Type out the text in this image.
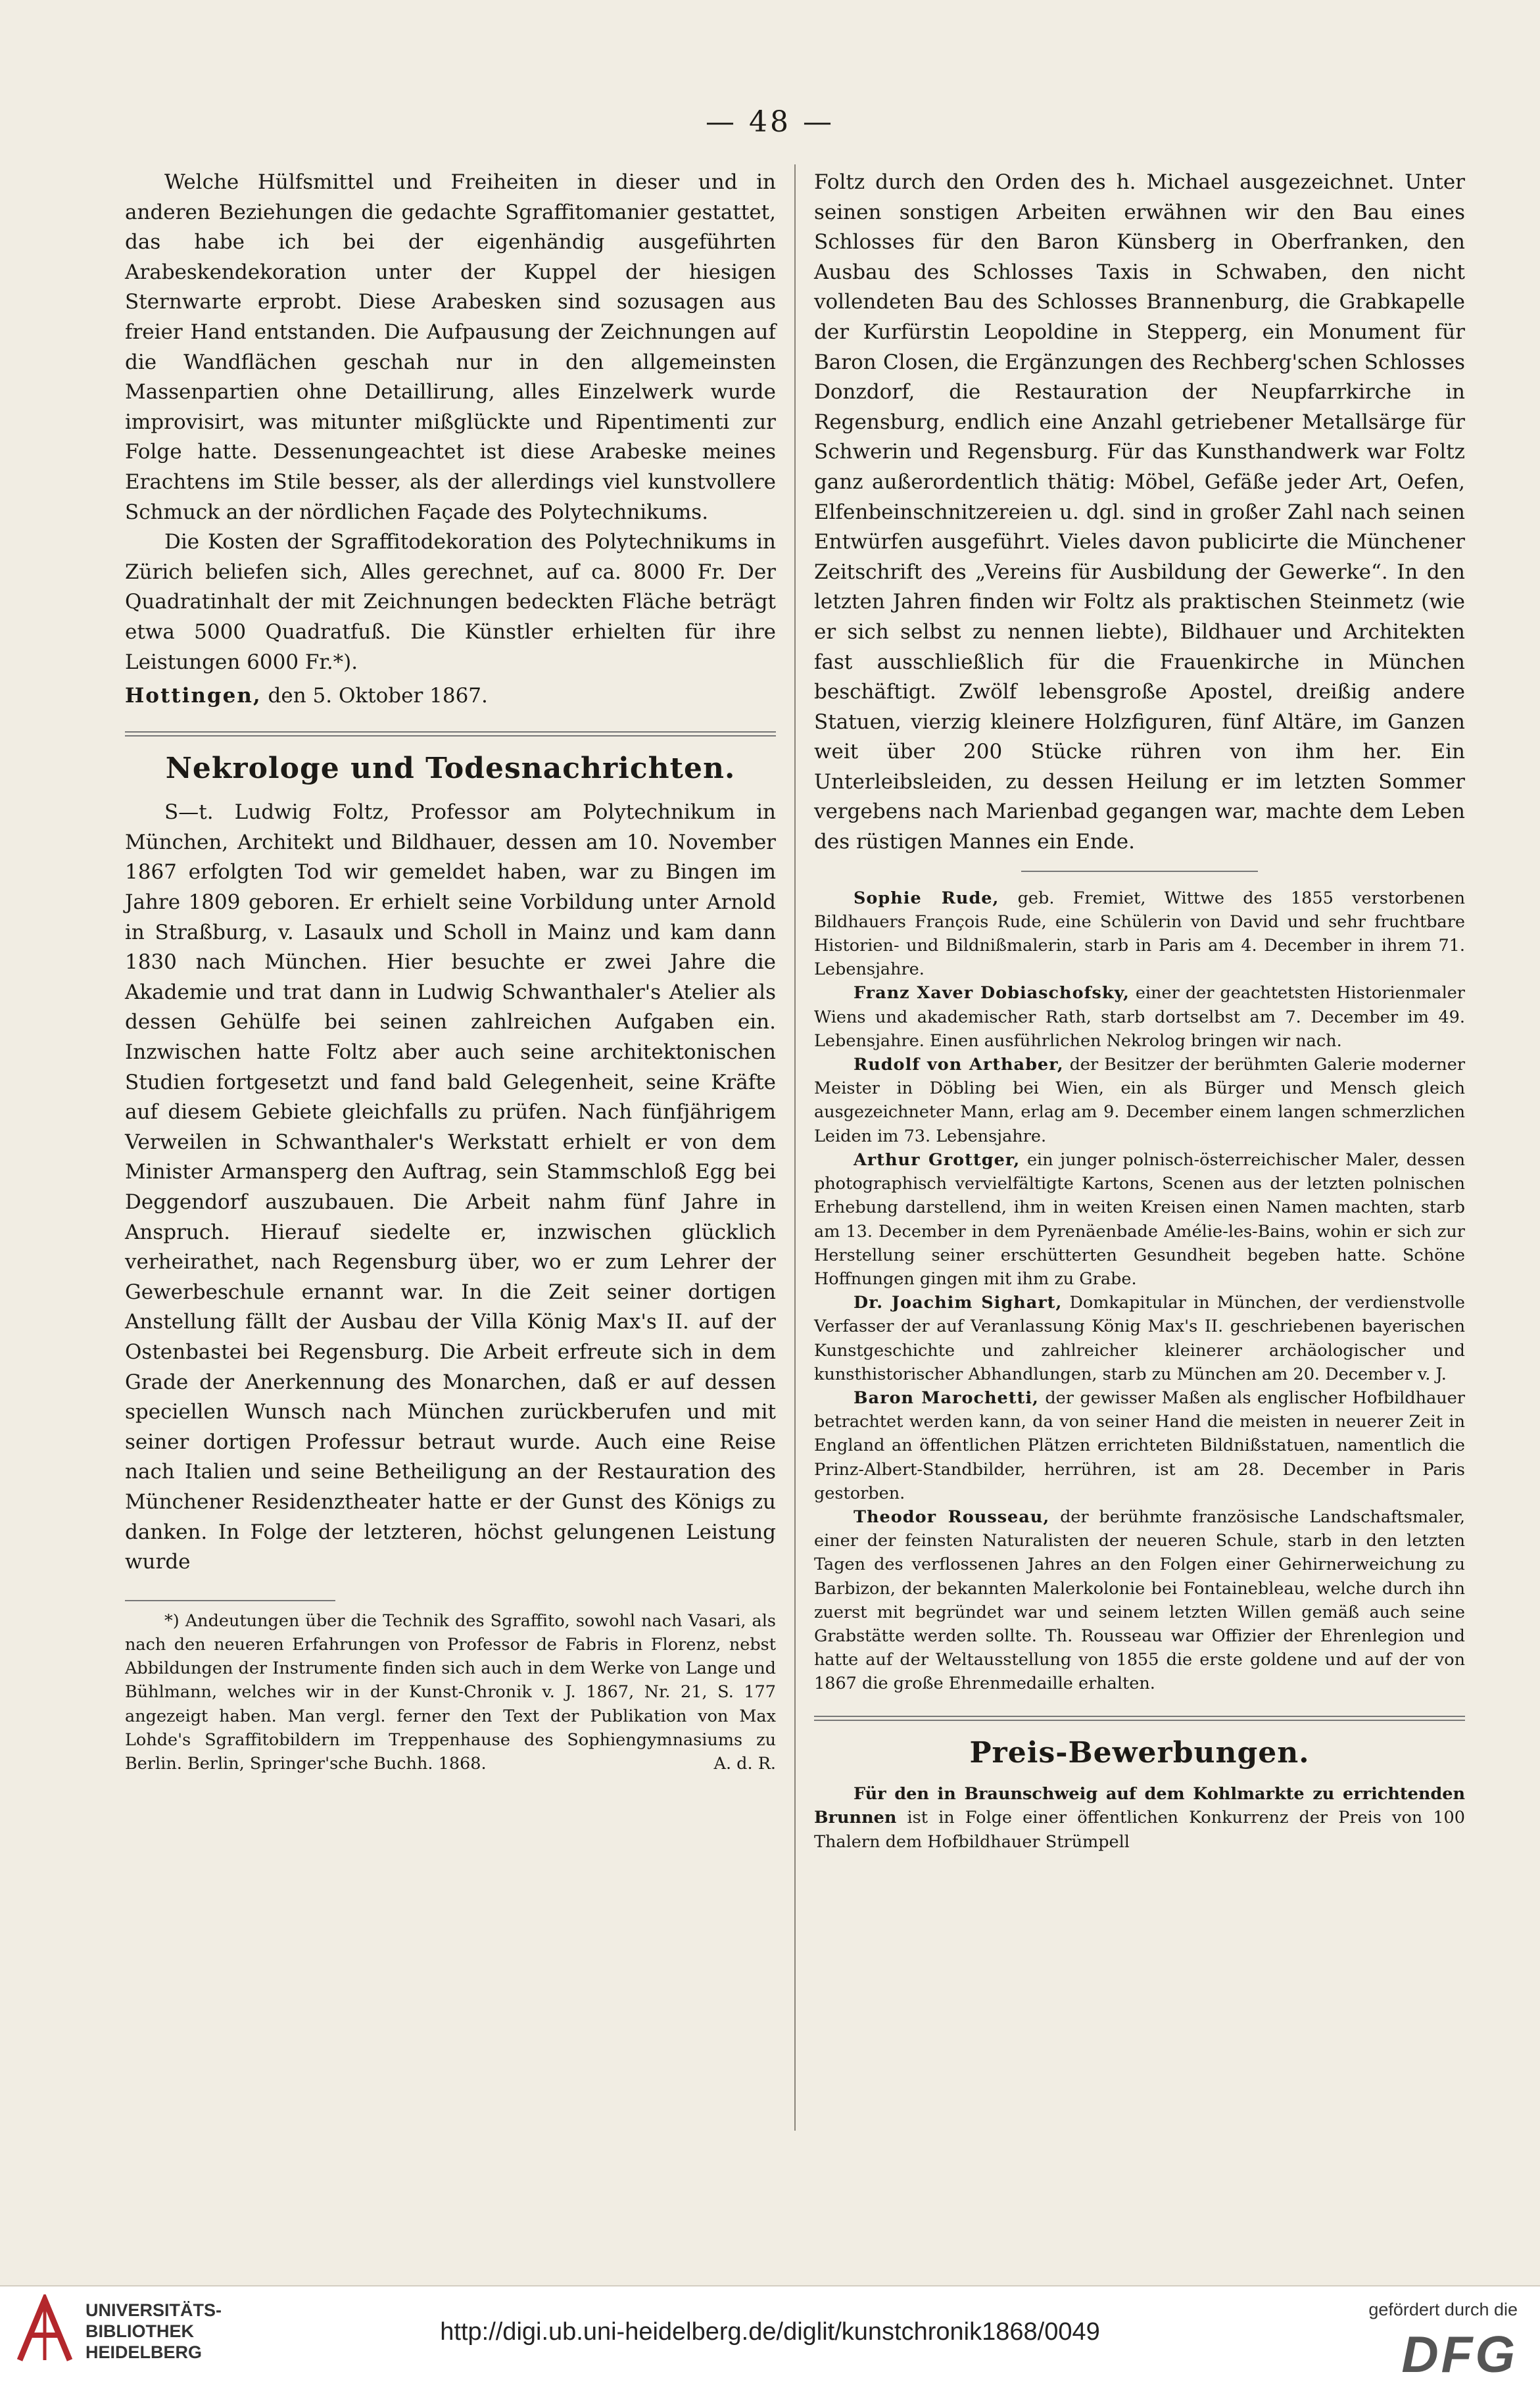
— 48 —

Welche Hülfsmittel und Freiheiten in dieser und in anderen Beziehungen die gedachte Sgraffitomanier gestattet, das habe ich bei der eigenhändig ausgeführten Arabeskendekoration unter der Kuppel der hiesigen Sternwarte erprobt. Diese Arabesken sind sozusagen aus freier Hand entstanden. Die Aufpausung der Zeichnungen auf die Wandflächen geschah nur in den allgemeinsten Massenpartien ohne Detaillirung, alles Einzelwerk wurde improvisirt, was mitunter mißglückte und Ripentimenti zur Folge hatte. Dessenungeachtet ist diese Arabeske meines Erachtens im Stile besser, als der allerdings viel kunstvollere Schmuck an der nördlichen Façade des Polytechnikums.

Die Kosten der Sgraffitodekoration des Polytechnikums in Zürich beliefen sich, Alles gerechnet, auf ca. 8000 Fr. Der Quadratinhalt der mit Zeichnungen bedeckten Fläche beträgt etwa 5000 Quadratfuß. Die Künstler erhielten für ihre Leistungen 6000 Fr.*).

Hottingen, den 5. Oktober 1867.

Nekrologe und Todesnachrichten.

S—t. Ludwig Foltz, Professor am Polytechnikum in München, Architekt und Bildhauer, dessen am 10. November 1867 erfolgten Tod wir gemeldet haben, war zu Bingen im Jahre 1809 geboren. Er erhielt seine Vorbildung unter Arnold in Straßburg, v. Lasaulx und Scholl in Mainz und kam dann 1830 nach München. Hier besuchte er zwei Jahre die Akademie und trat dann in Ludwig Schwanthaler's Atelier als dessen Gehülfe bei seinen zahlreichen Aufgaben ein. Inzwischen hatte Foltz aber auch seine architektonischen Studien fortgesetzt und fand bald Gelegenheit, seine Kräfte auf diesem Gebiete gleichfalls zu prüfen. Nach fünfjährigem Verweilen in Schwanthaler's Werkstatt erhielt er von dem Minister Armansperg den Auftrag, sein Stammschloß Egg bei Deggendorf auszubauen. Die Arbeit nahm fünf Jahre in Anspruch. Hierauf siedelte er, inzwischen glücklich verheirathet, nach Regensburg über, wo er zum Lehrer der Gewerbeschule ernannt war. In die Zeit seiner dortigen Anstellung fällt der Ausbau der Villa König Max's II. auf der Ostenbastei bei Regensburg. Die Arbeit erfreute sich in dem Grade der Anerkennung des Monarchen, daß er auf dessen speciellen Wunsch nach München zurückberufen und mit seiner dortigen Professur betraut wurde. Auch eine Reise nach Italien und seine Betheiligung an der Restauration des Münchener Residenztheater hatte er der Gunst des Königs zu danken. In Folge der letzteren, höchst gelungenen Leistung wurde

*) Andeutungen über die Technik des Sgraffito, sowohl nach Vasari, als nach den neueren Erfahrungen von Professor de Fabris in Florenz, nebst Abbildungen der Instrumente finden sich auch in dem Werke von Lange und Bühlmann, welches wir in der Kunst-Chronik v. J. 1867, Nr. 21, S. 177 angezeigt haben. Man vergl. ferner den Text der Publikation von Max Lohde's Sgraffitobildern im Treppenhause des Sophiengymnasiums zu Berlin. Berlin, Springer'sche Buchh. 1868.	A. d. R.

Foltz durch den Orden des h. Michael ausgezeichnet. Unter seinen sonstigen Arbeiten erwähnen wir den Bau eines Schlosses für den Baron Künsberg in Oberfranken, den Ausbau des Schlosses Taxis in Schwaben, den nicht vollendeten Bau des Schlosses Brannenburg, die Grabkapelle der Kurfürstin Leopoldine in Stepperg, ein Monument für Baron Closen, die Ergänzungen des Rechberg'schen Schlosses Donzdorf, die Restauration der Neupfarrkirche in Regensburg, endlich eine Anzahl getriebener Metallsärge für Schwerin und Regensburg. Für das Kunsthandwerk war Foltz ganz außerordentlich thätig: Möbel, Gefäße jeder Art, Oefen, Elfenbeinschnitzereien u. dgl. sind in großer Zahl nach seinen Entwürfen ausgeführt. Vieles davon publicirte die Münchener Zeitschrift des „Vereins für Ausbildung der Gewerke“. In den letzten Jahren finden wir Foltz als praktischen Steinmetz (wie er sich selbst zu nennen liebte), Bildhauer und Architekten fast ausschließlich für die Frauenkirche in München beschäftigt. Zwölf lebensgroße Apostel, dreißig andere Statuen, vierzig kleinere Holzfiguren, fünf Altäre, im Ganzen weit über 200 Stücke rühren von ihm her. Ein Unterleibsleiden, zu dessen Heilung er im letzten Sommer vergebens nach Marienbad gegangen war, machte dem Leben des rüstigen Mannes ein Ende.

Sophie Rude, geb. Fremiet, Wittwe des 1855 verstorbenen Bildhauers François Rude, eine Schülerin von David und sehr fruchtbare Historien- und Bildnißmalerin, starb in Paris am 4. December in ihrem 71. Lebensjahre.

Franz Xaver Dobiaschofsky, einer der geachtetsten Historienmaler Wiens und akademischer Rath, starb dortselbst am 7. December im 49. Lebensjahre. Einen ausführlichen Nekrolog bringen wir nach.

Rudolf von Arthaber, der Besitzer der berühmten Galerie moderner Meister in Döbling bei Wien, ein als Bürger und Mensch gleich ausgezeichneter Mann, erlag am 9. December einem langen schmerzlichen Leiden im 73. Lebensjahre.

Arthur Grottger, ein junger polnisch-österreichischer Maler, dessen photographisch vervielfältigte Kartons, Scenen aus der letzten polnischen Erhebung darstellend, ihm in weiten Kreisen einen Namen machten, starb am 13. December in dem Pyrenäenbade Amélie-les-Bains, wohin er sich zur Herstellung seiner erschütterten Gesundheit begeben hatte. Schöne Hoffnungen gingen mit ihm zu Grabe.

Dr. Joachim Sighart, Domkapitular in München, der verdienstvolle Verfasser der auf Veranlassung König Max's II. geschriebenen bayerischen Kunstgeschichte und zahlreicher kleinerer archäologischer und kunsthistorischer Abhandlungen, starb zu München am 20. December v. J.

Baron Marochetti, der gewisser Maßen als englischer Hofbildhauer betrachtet werden kann, da von seiner Hand die meisten in neuerer Zeit in England an öffentlichen Plätzen errichteten Bildnißstatuen, namentlich die Prinz-Albert-Standbilder, herrühren, ist am 28. December in Paris gestorben.

Theodor Rousseau, der berühmte französische Landschaftsmaler, einer der feinsten Naturalisten der neueren Schule, starb in den letzten Tagen des verflossenen Jahres an den Folgen einer Gehirnerweichung zu Barbizon, der bekannten Malerkolonie bei Fontainebleau, welche durch ihn zuerst mit begründet war und seinem letzten Willen gemäß auch seine Grabstätte werden sollte. Th. Rousseau war Offizier der Ehrenlegion und hatte auf der Weltausstellung von 1855 die erste goldene und auf der von 1867 die große Ehrenmedaille erhalten.

Preis-Bewerbungen.

Für den in Braunschweig auf dem Kohlmarkte zu errichtenden Brunnen ist in Folge einer öffentlichen Konkurrenz der Preis von 100 Thalern dem Hofbildhauer Strümpell

UNIVERSITÄTS-
BIBLIOTHEK
HEIDELBERG
http://digi.ub.uni-heidelberg.de/diglit/kunstchronik1868/0049
gefördert durch die
DFG
